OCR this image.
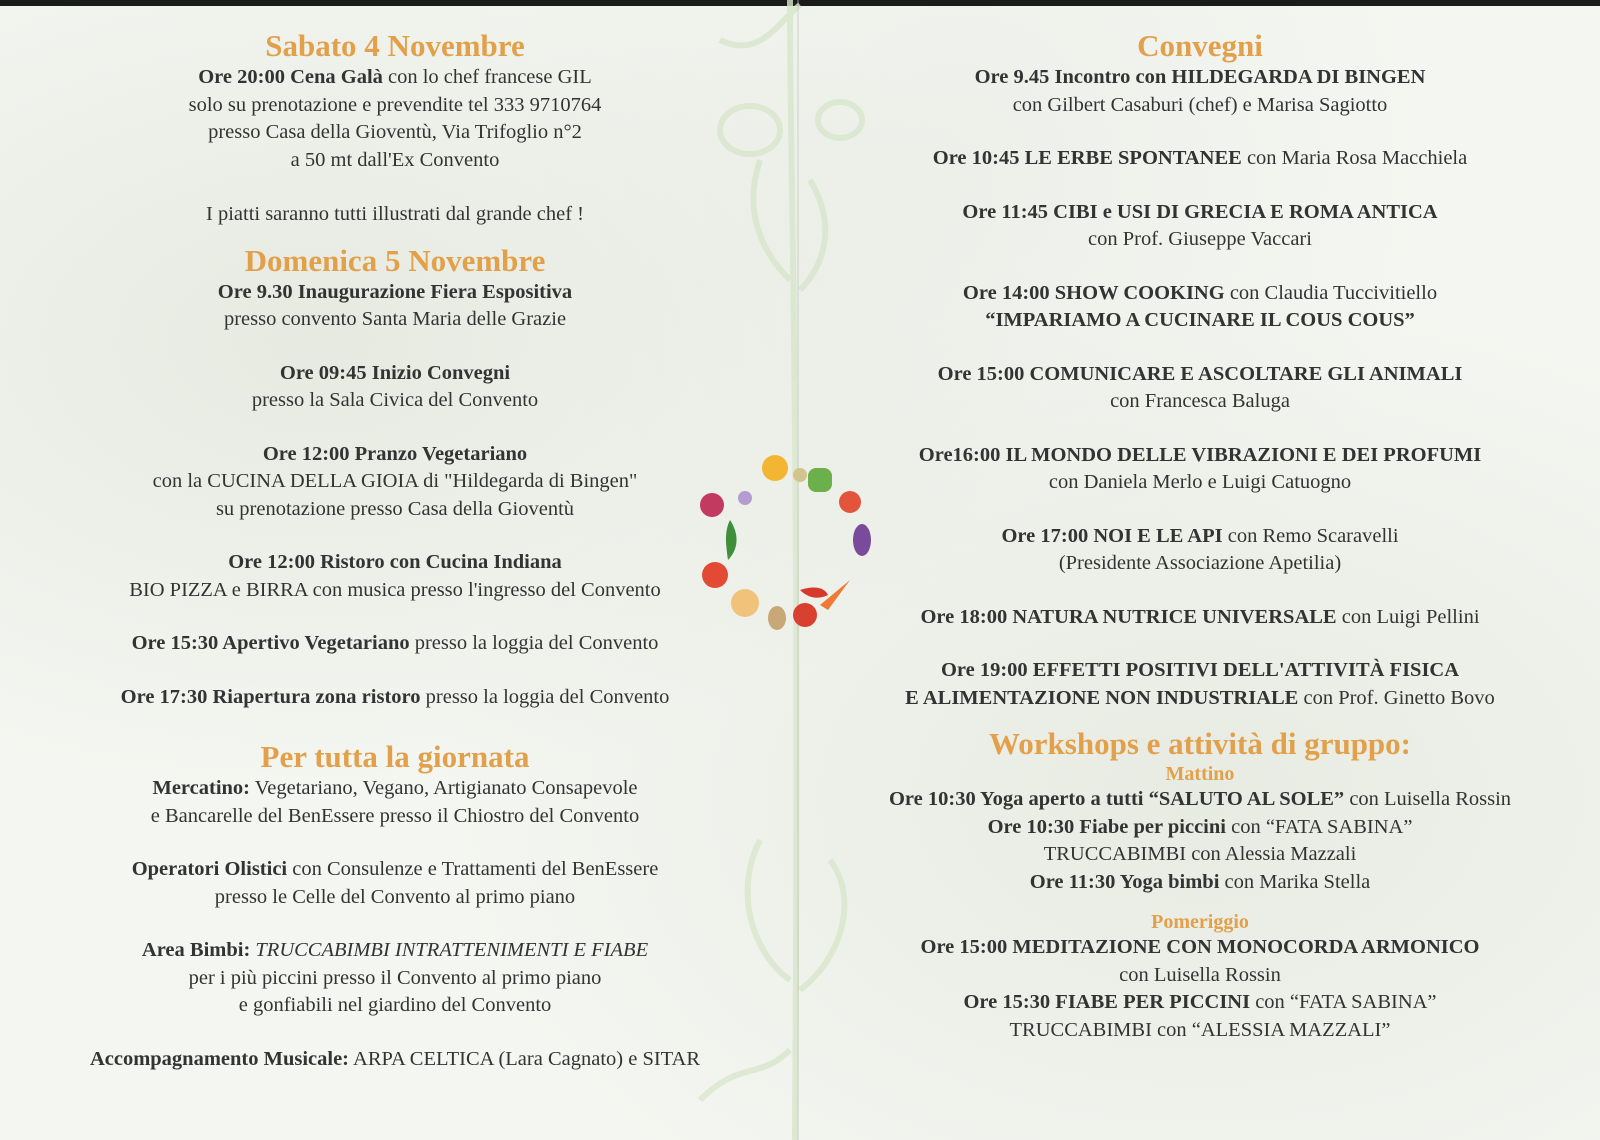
Sabato 4 Novembre

Ore 20:00 Cena Galà con lo chef francese GIL

solo su prenotazione e prevendite tel 333 9710764

presso Casa della Gioventù, Via Trifoglio n°2

a 50 mt dall'Ex Convento

I piatti saranno tutti illustrati dal grande chef !

Domenica 5 Novembre

Ore 9.30 Inaugurazione Fiera Espositiva

presso convento Santa Maria delle Grazie

Ore 09:45 Inizio Convegni

presso la Sala Civica del Convento

Ore 12:00 Pranzo Vegetariano

con la CUCINA DELLA GIOIA di "Hildegarda di Bingen"

su prenotazione presso Casa della Gioventù

Ore 12:00 Ristoro con Cucina Indiana

BIO PIZZA e BIRRA con musica presso l'ingresso del Convento

Ore 15:30 Apertivo Vegetariano presso la loggia del Convento

Ore 17:30 Riapertura zona ristoro presso la loggia del Convento

Per tutta la giornata

Mercatino: Vegetariano, Vegano, Artigianato Consapevole

e Bancarelle del BenEssere presso il Chiostro del Convento

Operatori Olistici con Consulenze e Trattamenti del BenEssere

presso le Celle del Convento al primo piano

Area Bimbi: TRUCCABIMBI INTRATTENIMENTI E FIABE

per i più piccini presso il Convento al primo piano

e gonfiabili nel giardino del Convento

Accompagnamento Musicale: ARPA CELTICA (Lara Cagnato) e SITAR

Convegni

Ore 9.45 Incontro con HILDEGARDA DI BINGEN

con Gilbert Casaburi (chef) e Marisa Sagiotto

Ore 10:45 LE ERBE SPONTANEE con Maria Rosa Macchiela

Ore 11:45 CIBI e USI DI GRECIA E ROMA ANTICA

con Prof. Giuseppe Vaccari

Ore 14:00 SHOW COOKING con Claudia Tuccivitiello

“IMPARIAMO A CUCINARE IL COUS COUS”

Ore 15:00 COMUNICARE E ASCOLTARE GLI ANIMALI

con Francesca Baluga

Ore16:00 IL MONDO DELLE VIBRAZIONI E DEI PROFUMI

con Daniela Merlo e Luigi Catuogno

Ore 17:00 NOI E LE API con Remo Scaravelli

(Presidente Associazione Apetilia)

Ore 18:00 NATURA NUTRICE UNIVERSALE con Luigi Pellini

Ore 19:00 EFFETTI POSITIVI DELL'ATTIVITÀ FISICA

E ALIMENTAZIONE NON INDUSTRIALE con Prof. Ginetto Bovo

Workshops e attività di gruppo:

Mattino

Ore 10:30 Yoga aperto a tutti “SALUTO AL SOLE” con Luisella Rossin

Ore 10:30 Fiabe per piccini con “FATA SABINA”

TRUCCABIMBI con Alessia Mazzali

Ore 11:30 Yoga bimbi con Marika Stella

Pomeriggio

Ore 15:00 MEDITAZIONE CON MONOCORDA ARMONICO

con Luisella Rossin

Ore 15:30 FIABE PER PICCINI con “FATA SABINA”

TRUCCABIMBI con “ALESSIA MAZZALI”
